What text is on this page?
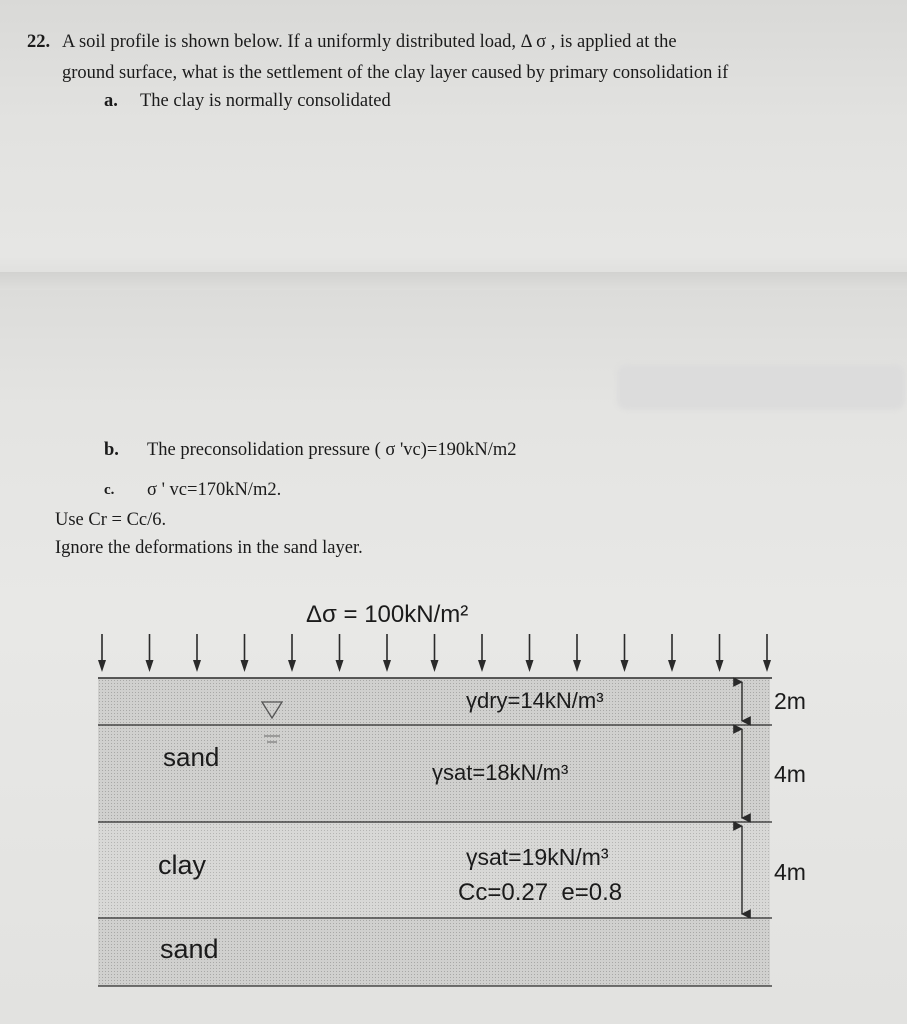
22. A soil profile is shown below. If a uniformly distributed load, Δ σ , is applied at the
ground surface, what is the settlement of the clay layer caused by primary consolidation if
a. The clay is normally consolidated
b. The preconsolidation pressure ( σ 'vc)=190kN/m2
c. σ ' vc=170kN/m2.
Use Cr = Cc/6.
Ignore the deformations in the sand layer.
Δσ = 100kN/m²
γdry=14kN/m³	2m
sand
γsat=18kN/m³	4m
clay	γsat=19kN/m³
Cc=0.27  e=0.8
4m
sand
